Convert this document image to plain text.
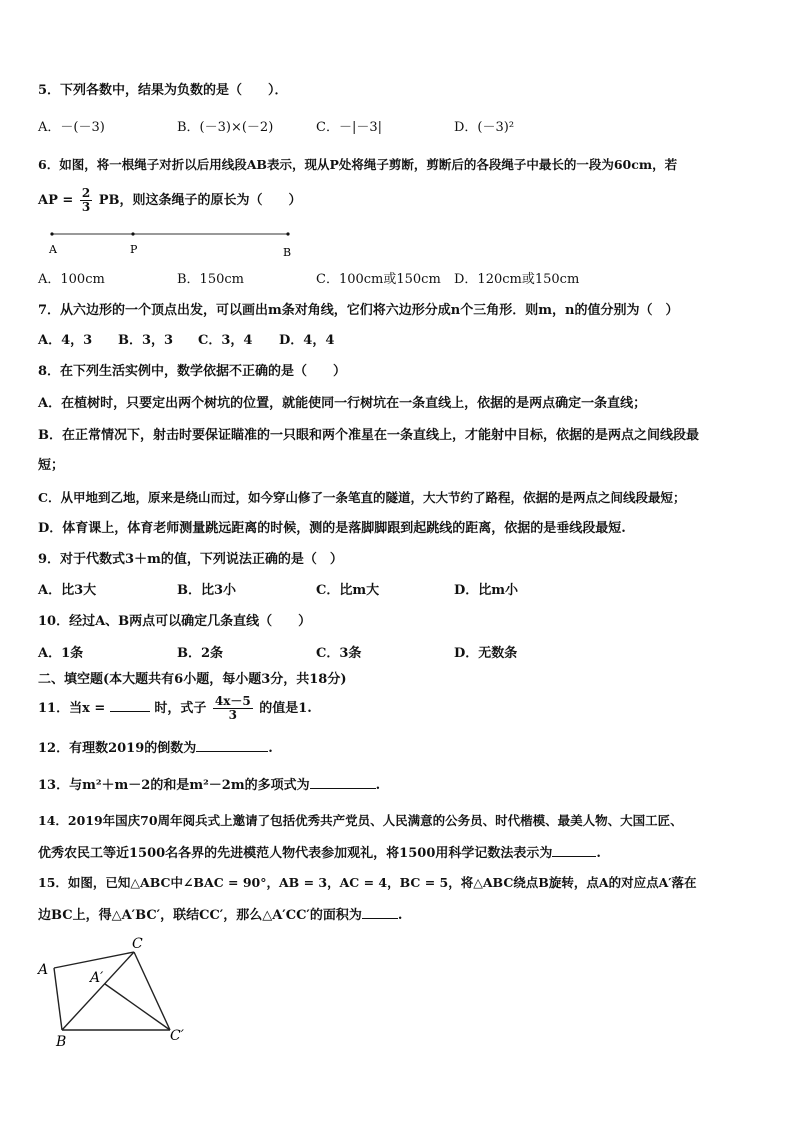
5．下列各数中，结果为负数的是（　　）．
A．－(－3)	B．(－3)×(－2)	C．－|－3|	D．(－3)²
6．如图，将一根绳子对折以后用线段AB表示，现从P处将绳子剪断，剪断后的各段绳子中最长的一段为60cm，若
AP = $\frac{2}{3}$ PB，则这条绳子的原长为（　　）
A	P	B
A．100cm	B．150cm	C．100cm或150cm D．120cm或150cm
7．从六边形的一个顶点出发，可以画出m条对角线，它们将六边形分成n个三角形．则m，n的值分别为（　）
A．4，3 B．3，3 C．3，4 D．4，4
8．在下列生活实例中，数学依据不正确的是（　　）
A．在植树时，只要定出两个树坑的位置，就能使同一行树坑在一条直线上，依据的是两点确定一条直线；
B．在正常情况下，射击时要保证瞄准的一只眼和两个准星在一条直线上，才能射中目标，依据的是两点之间线段最
短；
C．从甲地到乙地，原来是绕山而过，如今穿山修了一条笔直的隧道，大大节约了路程，依据的是两点之间线段最短；
D．体育课上，体育老师测量跳远距离的时候，测的是落脚脚跟到起跳线的距离，依据的是垂线段最短.
9．对于代数式3＋m的值，下列说法正确的是（　）
A．比3大	B．比3小	C．比m大	D．比m小
10．经过A、B两点可以确定几条直线（　　）
A．1条	B．2条	C．3条	D．无数条
二、填空题(本大题共有6小题，每小题3分，共18分)
11．当x =	时，式子 $\frac{4x-5}{3}$ 的值是1.
12．有理数2019的倒数为	.
13．与m²＋m－2的和是m²－2m的多项式为	.
14．2019年国庆70周年阅兵式上邀请了包括优秀共产党员、人民满意的公务员、时代楷模、最美人物、大国工匠、
优秀农民工等近1500名各界的先进模范人物代表参加观礼，将1500用科学记数法表示为	.
15．如图，已知△ABC中∠BAC = 90°，AB = 3，AC = 4，BC = 5，将△ABC绕点B旋转，点A的对应点A′落在
边BC上，得△A′BC′，联结CC′，那么△A′CC′的面积为	.
A	A′
B
C
C′
